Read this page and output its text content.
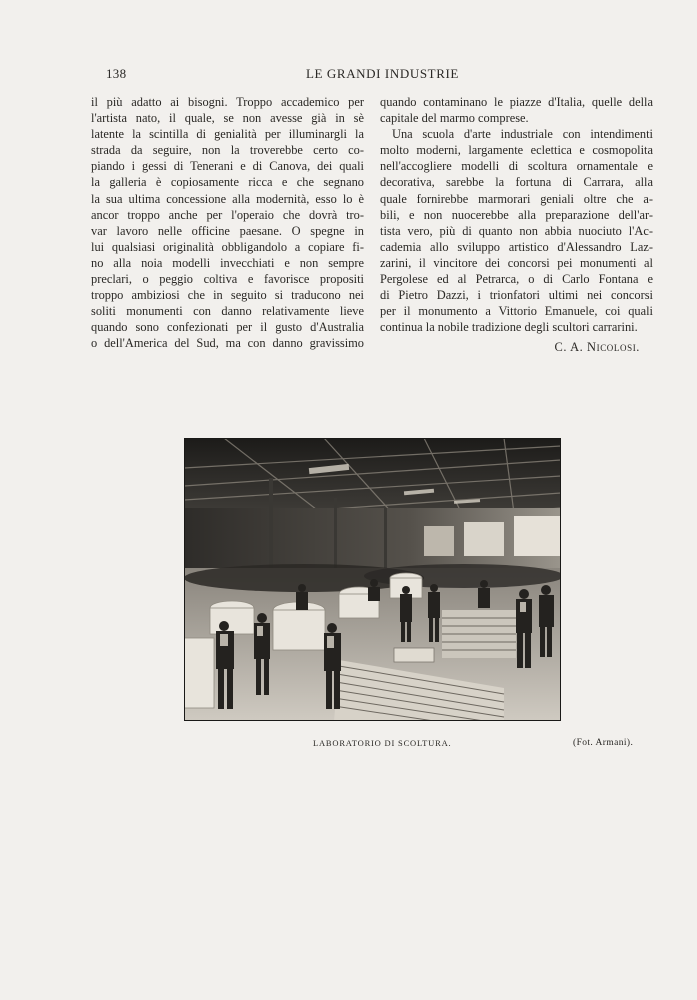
138	LE GRANDI INDUSTRIE

il più adatto ai bisogni. Troppo accademico per

l'artista nato, il quale, se non avesse già in sè

latente la scintilla di genialità per illuminargli la

strada da seguire, non la troverebbe certo co-

piando i gessi di Tenerani e di Canova, dei quali

la galleria è copiosamente ricca e che segnano

la sua ultima concessione alla modernità, esso lo è

ancor troppo anche per l'operaio che dovrà tro-

var lavoro nelle officine paesane. O spegne in

lui qualsiasi originalità obbligandolo a copiare fi-

no alla noia modelli invecchiati e non sempre

preclari, o peggio coltiva e favorisce propositi

troppo ambiziosi che in seguito si traducono nei

soliti monumenti con danno relativamente lieve

quando sono confezionati per il gusto d'Australia

o dell'America del Sud, ma con danno gravissimo

quando contaminano le piazze d'Italia, quelle della

capitale del marmo comprese.

Una scuola d'arte industriale con intendimenti

molto moderni, largamente eclettica e cosmopolita

nell'accogliere modelli di scoltura ornamentale e

decorativa, sarebbe la fortuna di Carrara, alla

quale fornirebbe marmorari geniali oltre che a-

bili, e non nuocerebbe alla preparazione dell'ar-

tista vero, più di quanto non abbia nuociuto l'Ac-

cademia allo sviluppo artistico d'Alessandro Laz-

zarini, il vincitore dei concorsi pei monumenti al

Pergolese ed al Petrarca, o di Carlo Fontana e

di Pietro Dazzi, i trionfatori ultimi nei concorsi

per il monumento a Vittorio Emanuele, coi quali

continua la nobile tradizione degli scultori carrarini.

C. A. Nicolosi.
LABORATORIO DI SCOLTURA.	(Fot. Armani).
